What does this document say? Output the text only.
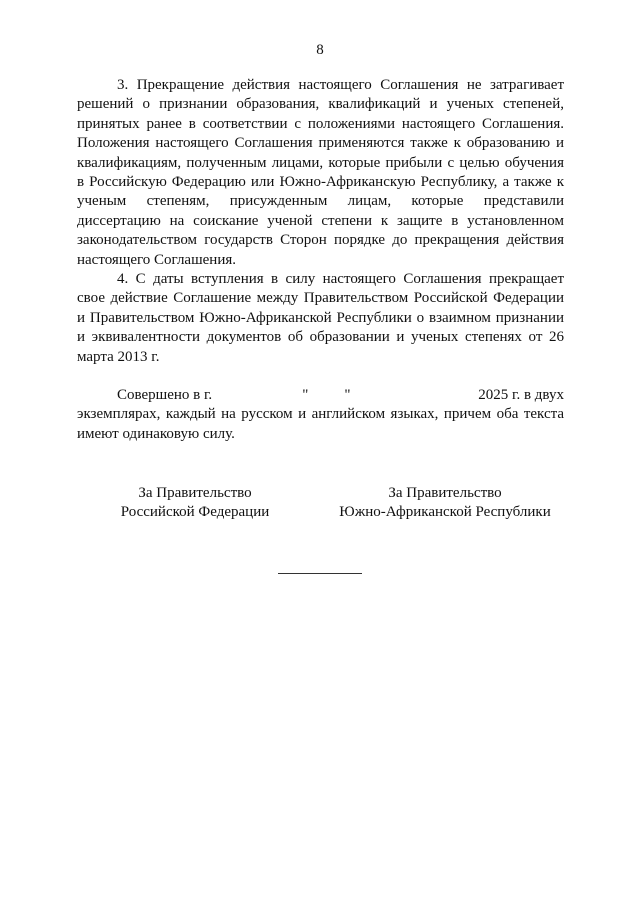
8

3. Прекращение действия настоящего Соглашения не затрагивает решений о признании образования, квалификаций и ученых степеней, принятых ранее в соответствии с положениями настоящего Соглашения. Положения настоящего Соглашения применяются также к образованию и квалификациям, полученным лицами, которые прибыли с целью обучения в Российскую Федерацию или Южно-Африканскую Республику, а также к ученым степеням, присужденным лицам, которые представили диссертацию на соискание ученой степени к защите в установленном законодательством государств Сторон порядке до прекращения действия настоящего Соглашения.

4. С даты вступления в силу настоящего Соглашения прекращает свое действие Соглашение между Правительством Российской Федерации и Правительством Южно-Африканской Республики о взаимном признании и эквивалентности документов об образовании и ученых степенях от 26 марта 2013 г.

Совершено в г.	" "	2025 г. в двух

экземплярах, каждый на русском и английском языках, причем оба текста имеют одинаковую силу.

За Правительство
Российской Федерации
За Правительство
Южно-Африканской Республики
